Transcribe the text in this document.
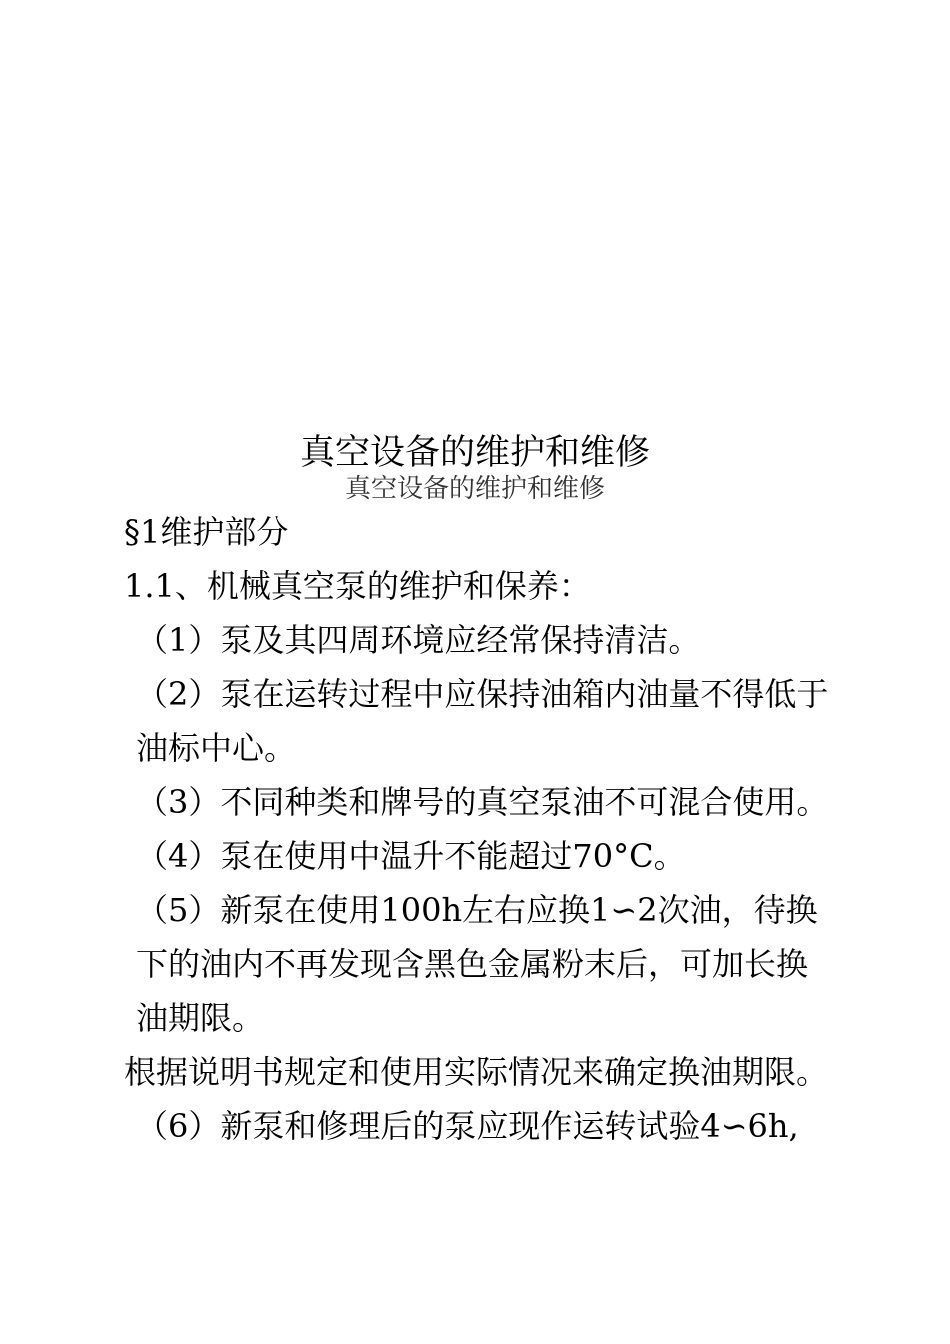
真空设备的维护和维修
真空设备的维护和维修

§1维护部分

1.1、机械真空泵的维护和保养：

（1）泵及其四周环境应经常保持清洁。

（2）泵在运转过程中应保持油箱内油量不得低于油标中心。

（3）不同种类和牌号的真空泵油不可混合使用。

（4）泵在使用中温升不能超过70°C。

（5）新泵在使用100h左右应换1∽2次油，待换下的油内不再发现含黑色金属粉末后，可加长换油期限。

根据说明书规定和使用实际情况来确定换油期限。

（6）新泵和修理后的泵应现作运转试验4∽6h,
